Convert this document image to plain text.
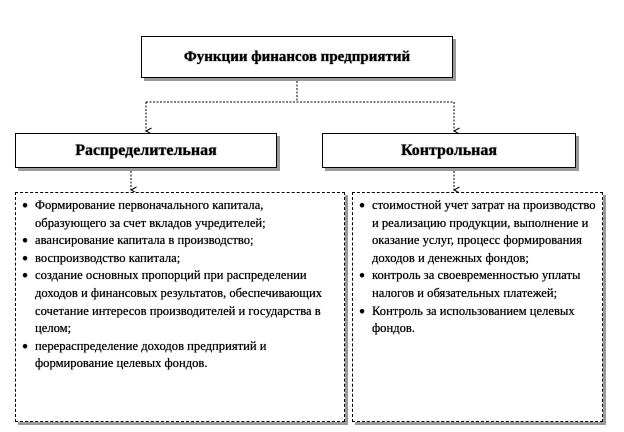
Функции финансов предприятий
Распределительная	Контрольная
● Формирование первоначального капитала, образующего за счет вкладов учредителей;
● авансирование капитала в производство;
● воспроизводство капитала;
● создание основных пропорций при распределении доходов и финансовых результатов, обеспечивающих сочетание интересов производителей и государства в целом;
● перераспределение доходов предприятий и формирование целевых фондов.
● стоимостной учет затрат на производство и реализацию продукции, выполнение и оказание услуг, процесс формирования доходов и денежных фондов;
● контроль за своевременностью уплаты налогов и обязательных платежей;
● Контроль за использованием целевых фондов.
